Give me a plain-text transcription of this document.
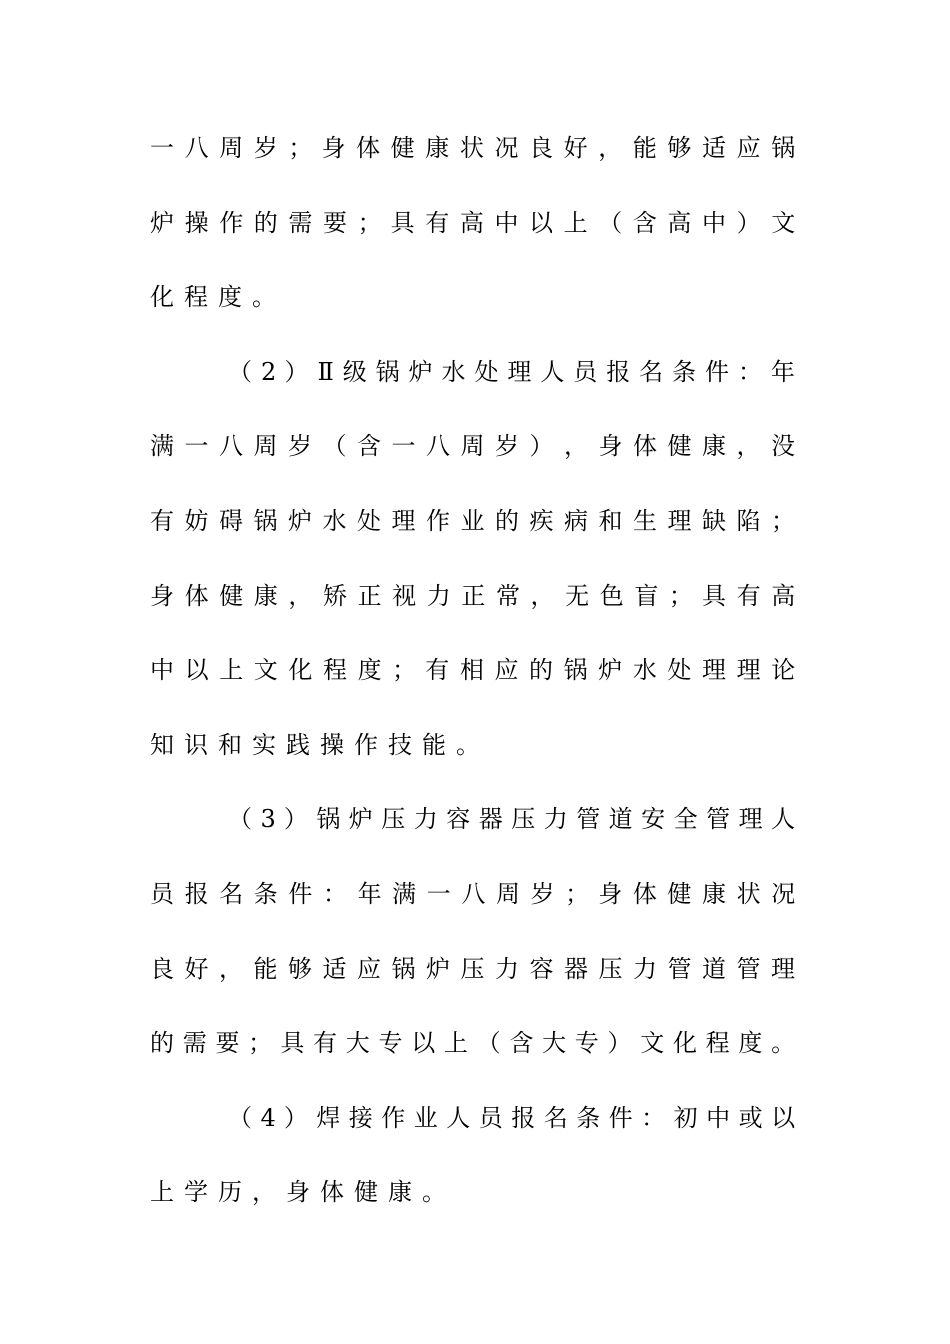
一 八 周 岁 ； 身 体 健 康 状 况 良 好 ， 能 够 适 应 锅
炉 操 作 的 需 要 ； 具 有 高 中 以 上 （ 含 高 中 ） 文
化 程 度 。
（ 2 ） Ⅱ 级 锅 炉 水 处 理 人 员 报 名 条 件 ： 年
满 一 八 周 岁 （ 含 一 八 周 岁 ） ， 身 体 健 康 ， 没
有 妨 碍 锅 炉 水 处 理 作 业 的 疾 病 和 生 理 缺 陷 ；
身 体 健 康 ， 矫 正 视 力 正 常 ， 无 色 盲 ； 具 有 高
中 以 上 文 化 程 度 ； 有 相 应 的 锅 炉 水 处 理 理 论
知 识 和 实 践 操 作 技 能 。
（ 3 ） 锅 炉 压 力 容 器 压 力 管 道 安 全 管 理 人
员 报 名 条 件 ： 年 满 一 八 周 岁 ； 身 体 健 康 状 况
良 好 ， 能 够 适 应 锅 炉 压 力 容 器 压 力 管 道 管 理
的 需 要 ； 具 有 大 专 以 上 （ 含 大 专 ） 文 化 程 度 。
（ 4 ） 焊 接 作 业 人 员 报 名 条 件 ： 初 中 或 以
上 学 历 ， 身 体 健 康 。
